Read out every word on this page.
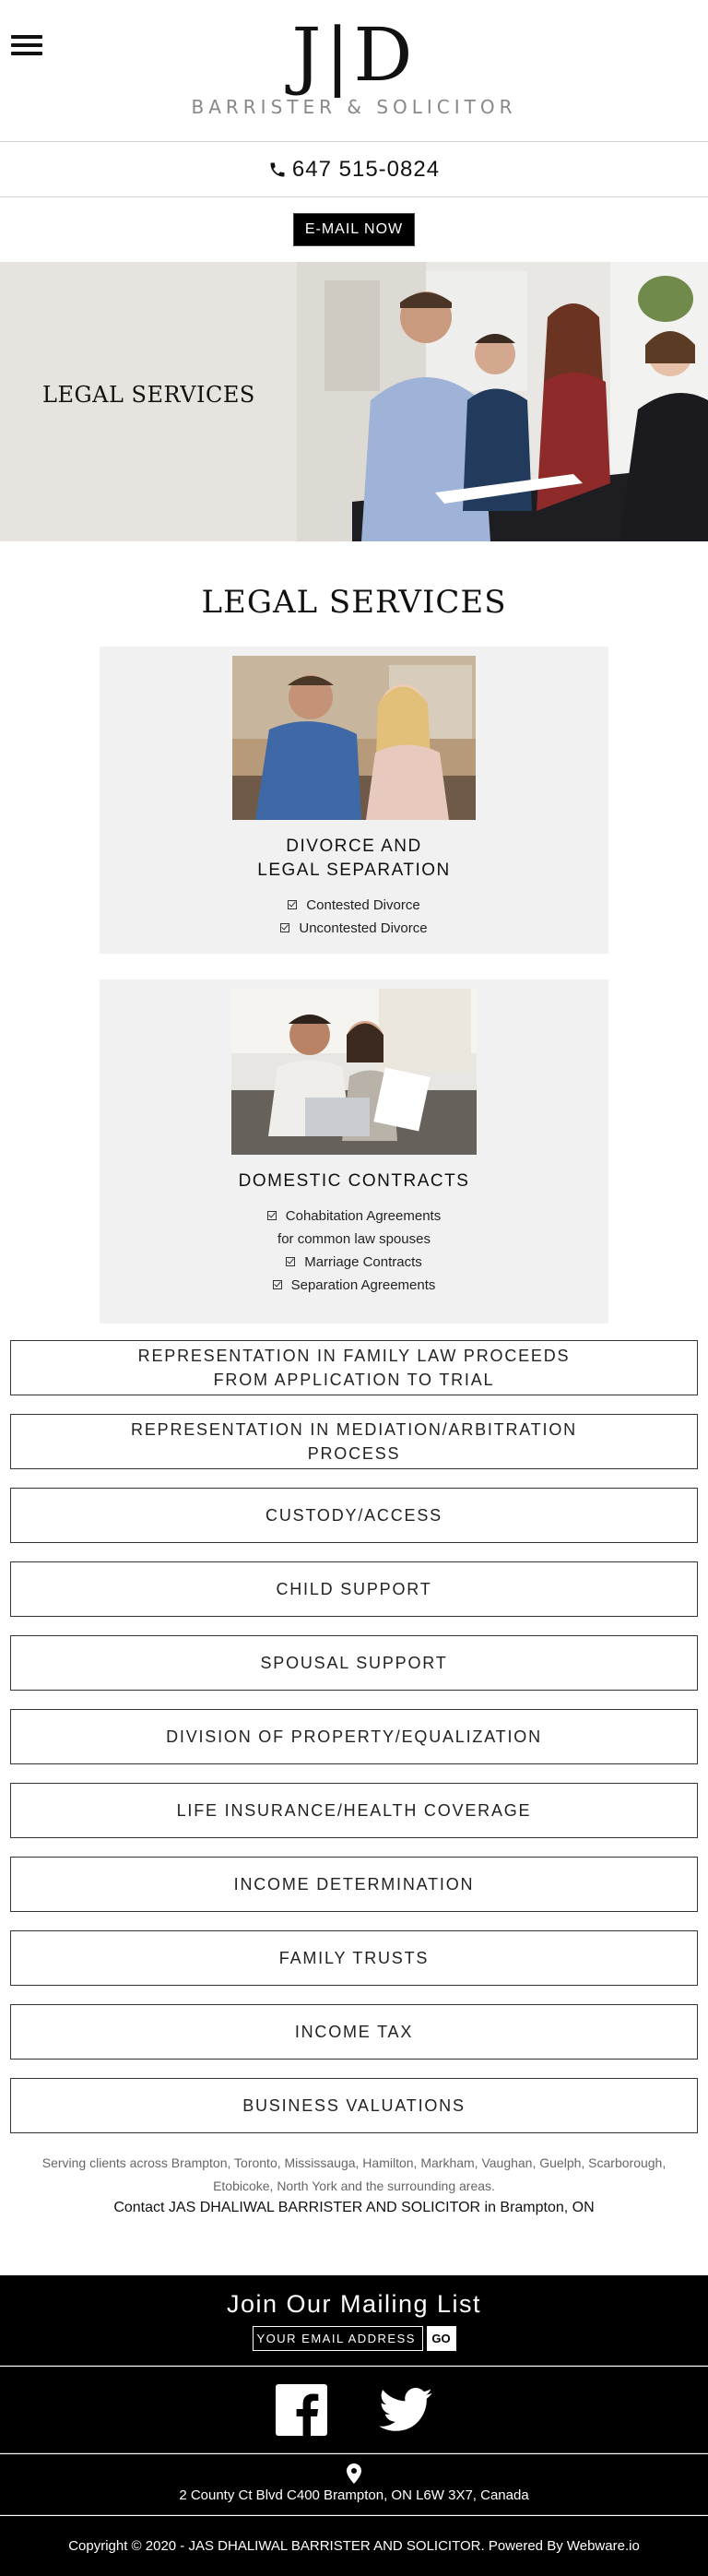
J|D
BARRISTER & SOLICITOR
647 515-0824
E-MAIL NOW
LEGAL SERVICES
LEGAL SERVICES
DIVORCE AND
LEGAL SEPARATION
Contested Divorce
Uncontested Divorce
DOMESTIC CONTRACTS
Cohabitation Agreements
for common law spouses
Marriage Contracts
Separation Agreements
REPRESENTATION IN FAMILY LAW PROCEEDS
FROM APPLICATION TO TRIAL
REPRESENTATION IN MEDIATION/ARBITRATION
PROCESS
CUSTODY/ACCESS
CHILD SUPPORT
SPOUSAL SUPPORT
DIVISION OF PROPERTY/EQUALIZATION
LIFE INSURANCE/HEALTH COVERAGE
INCOME DETERMINATION
FAMILY TRUSTS
INCOME TAX
BUSINESS VALUATIONS
Serving clients across Brampton, Toronto, Mississauga, Hamilton, Markham, Vaughan, Guelph, Scarborough, Etobicoke, North York and the surrounding areas.
Contact JAS DHALIWAL BARRISTER AND SOLICITOR in Brampton, ON
Join Our Mailing List
YOUR EMAIL ADDRESS
GO
2 County Ct Blvd C400 Brampton, ON L6W 3X7, Canada
Copyright © 2020 - JAS DHALIWAL BARRISTER AND SOLICITOR. Powered By Webware.io
